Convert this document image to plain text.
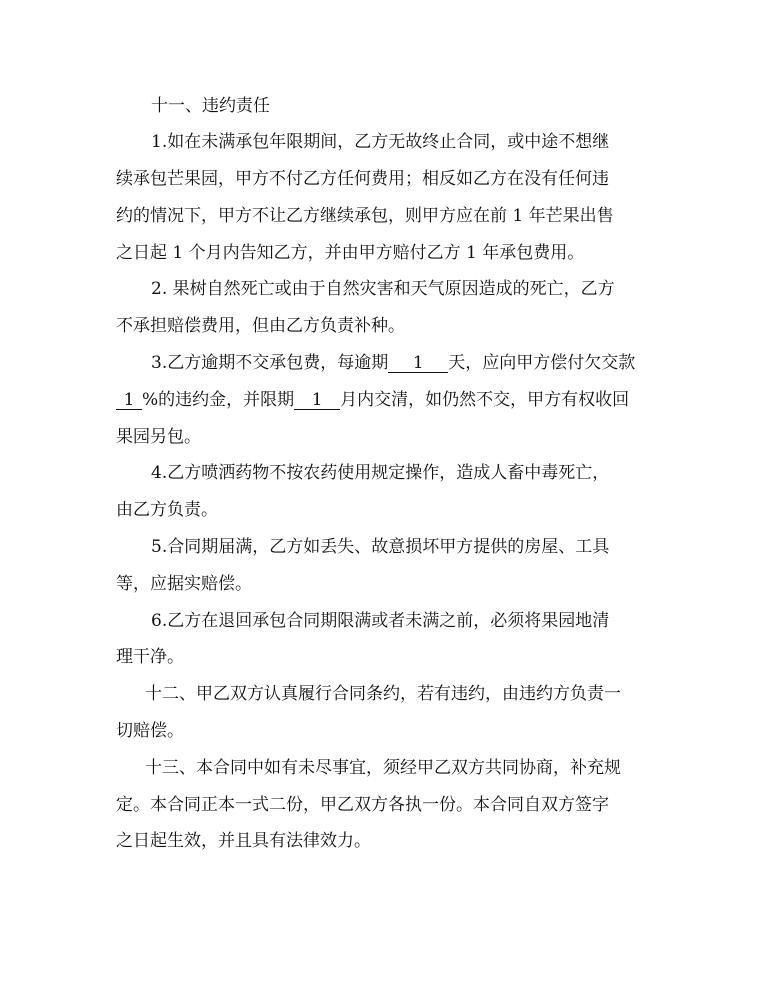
十一、违约责任
1.如在未满承包年限期间，乙方无故终止合同，或中途不想继
续承包芒果园，甲方不付乙方任何费用；相反如乙方在没有任何违
约的情况下，甲方不让乙方继续承包，则甲方应在前 1 年芒果出售
之日起 1 个月内告知乙方，并由甲方赔付乙方 1 年承包费用。
2. 果树自然死亡或由于自然灾害和天气原因造成的死亡，乙方
不承担赔偿费用，但由乙方负责补种。
3.乙方逾期不交承包费，每逾期 1 天，应向甲方偿付欠交款
1 %的违约金，并限期 1 月内交清，如仍然不交，甲方有权收回
果园另包。
4.乙方喷洒药物不按农药使用规定操作，造成人畜中毒死亡，
由乙方负责。
5.合同期届满，乙方如丢失、故意损坏甲方提供的房屋、工具
等，应据实赔偿。
6.乙方在退回承包合同期限满或者未满之前，必须将果园地清
理干净。
十二、甲乙双方认真履行合同条约，若有违约，由违约方负责一
切赔偿。
十三、本合同中如有未尽事宜，须经甲乙双方共同协商，补充规
定。本合同正本一式二份，甲乙双方各执一份。本合同自双方签字
之日起生效，并且具有法律效力。
